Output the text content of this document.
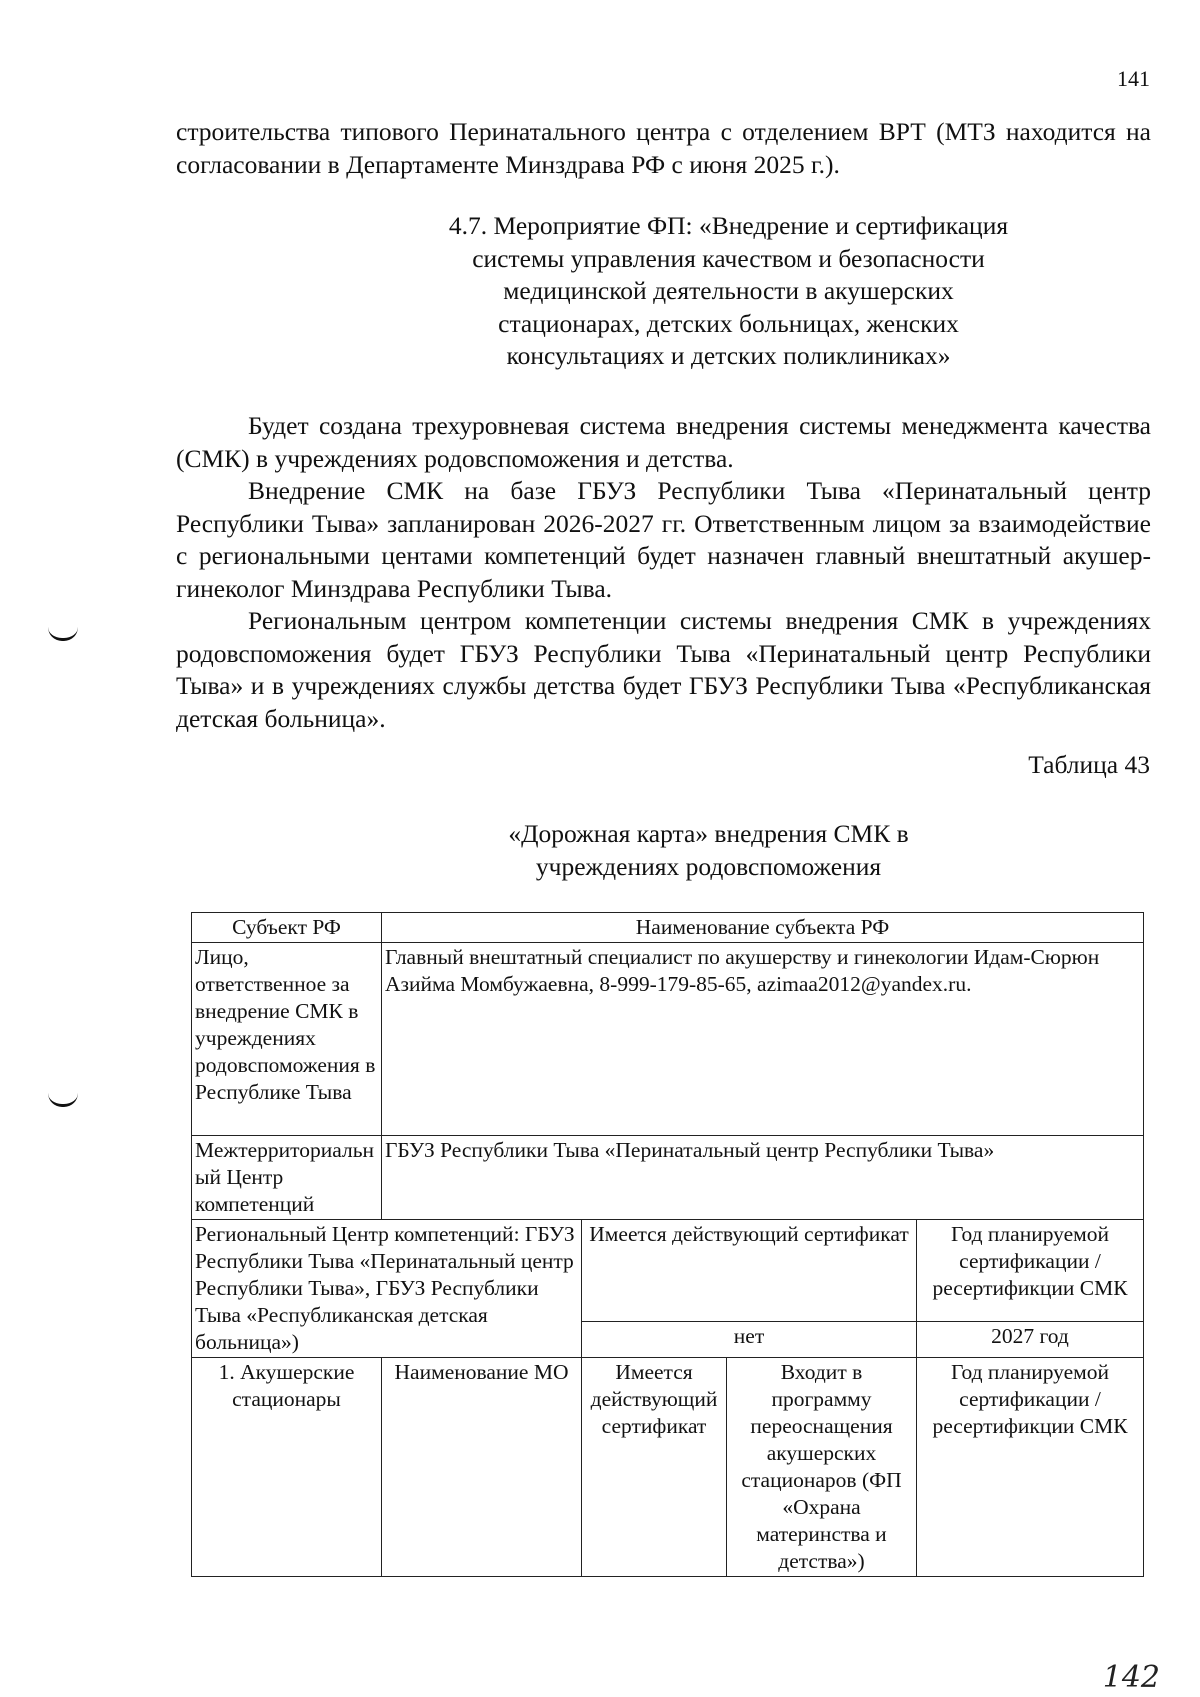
141

строительства типового Перинатального центра с отделением ВРТ (МТЗ находится на согласовании в Департаменте Минздрава РФ с июня 2025 г.).

4.7. Мероприятие ФП: «Внедрение и сертификация
системы управления качеством и безопасности
медицинской деятельности в акушерских
стационарах, детских больницах, женских
консультациях и детских поликлиниках»

Будет создана трехуровневая система внедрения системы менеджмента качества (СМК) в учреждениях родовспоможения и детства.

Внедрение СМК на базе ГБУЗ Республики Тыва «Перинатальный центр Республики Тыва» запланирован 2026-2027 гг. Ответственным лицом за взаимодействие с региональными центами компетенций будет назначен главный внештатный акушер-гинеколог Минздрава Республики Тыва.

Региональным центром компетенции системы внедрения СМК в учреждениях родовспоможения будет ГБУЗ Республики Тыва «Перинатальный центр Республики Тыва» и в учреждениях службы детства будет ГБУЗ Республики Тыва «Республиканская детская больница».

Таблица 43
«Дорожная карта» внедрения СМК в
учреждениях родовспоможения
Субъект РФ	Наименование субъекта РФ			
Лицо, ответственное за внедрение СМК в учреждениях родовспоможения в Республике Тыва	Главный внештатный специалист по акушерству и гинекологии Идам-Сюрюн Азийма Момбужаевна, 8-999-179-85-65, azimaa2012@yandex.ru.			
Межтерриториальный Центр компетенций	ГБУЗ Республики Тыва «Перинатальный центр Республики Тыва»			
Региональный Центр компетенций: ГБУЗ Республики Тыва «Перинатальный центр Республики Тыва», ГБУЗ Республики Тыва «Республиканская детская больница»)		Имеется действующий сертификат		Год планируемой сертификации / ресертификции СМК
		нет		2027 год
1. Акушерские стационары	Наименование МО	Имеется действующий сертификат	Входит в программу переоснащения акушерских стационаров (ФП «Охрана материнства и детства»)	Год планируемой сертификации / ресертификции СМК
142
